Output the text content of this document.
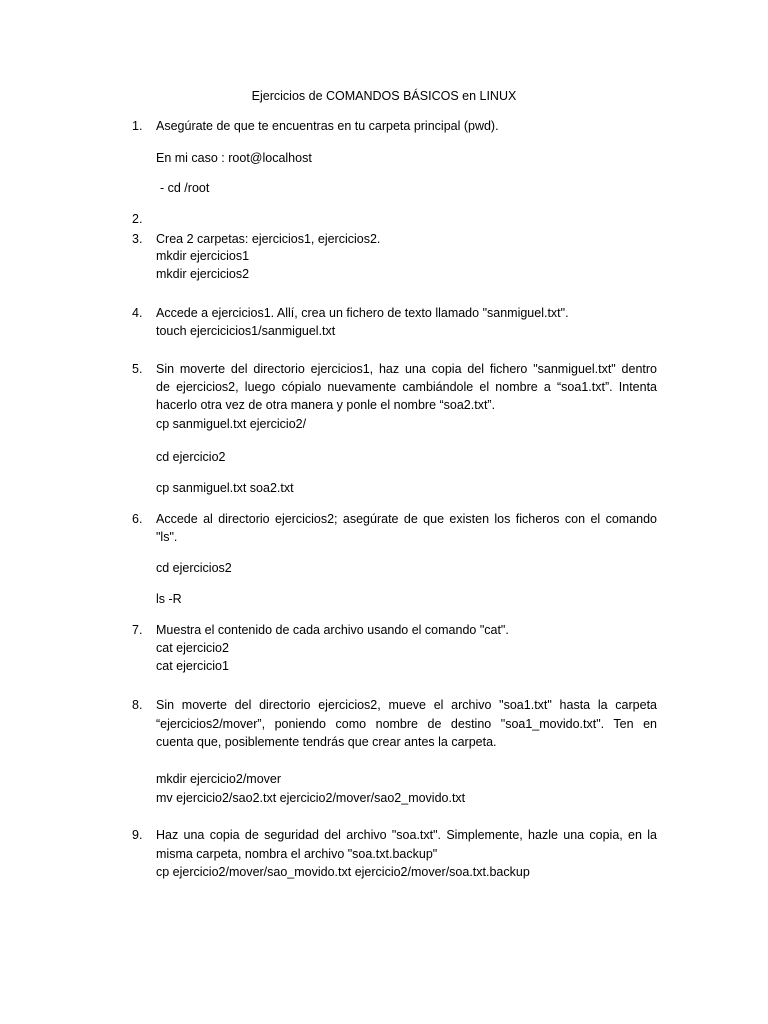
Ejercicios de COMANDOS BÁSICOS en LINUX
1. Asegúrate de que te encuentras en tu carpeta principal (pwd).
En mi caso : root@localhost
- cd /root
2.
3. Crea 2 carpetas: ejercicios1, ejercicios2.
mkdir ejercicios1
mkdir ejercicios2
4. Accede a ejercicios1. Allí, crea un fichero de texto llamado "sanmiguel.txt".
touch ejercicicios1/sanmiguel.txt
5. Sin moverte del directorio ejercicios1, haz una copia del fichero "sanmiguel.txt" dentro
de ejercicios2, luego cópialo nuevamente cambiándole el nombre a “soa1.txt”. Intenta
hacerlo otra vez de otra manera y ponle el nombre “soa2.txt”.
cp sanmiguel.txt ejercicio2/
cd ejercicio2
cp sanmiguel.txt soa2.txt
6. Accede al directorio ejercicios2; asegúrate de que existen los ficheros con el comando
"ls".
cd ejercicios2
ls -R
7. Muestra el contenido de cada archivo usando el comando "cat".
cat ejercicio2
cat ejercicio1
8. Sin moverte del directorio ejercicios2, mueve el archivo "soa1.txt" hasta la carpeta
“ejercicios2/mover”, poniendo como nombre de destino "soa1_movido.txt". Ten en
cuenta que, posiblemente tendrás que crear antes la carpeta.
mkdir ejercicio2/mover
mv ejercicio2/sao2.txt ejercicio2/mover/sao2_movido.txt
9. Haz una copia de seguridad del archivo "soa.txt". Simplemente, hazle una copia, en la
misma carpeta, nombra el archivo "soa.txt.backup"
cp ejercicio2/mover/sao_movido.txt ejercicio2/mover/soa.txt.backup
